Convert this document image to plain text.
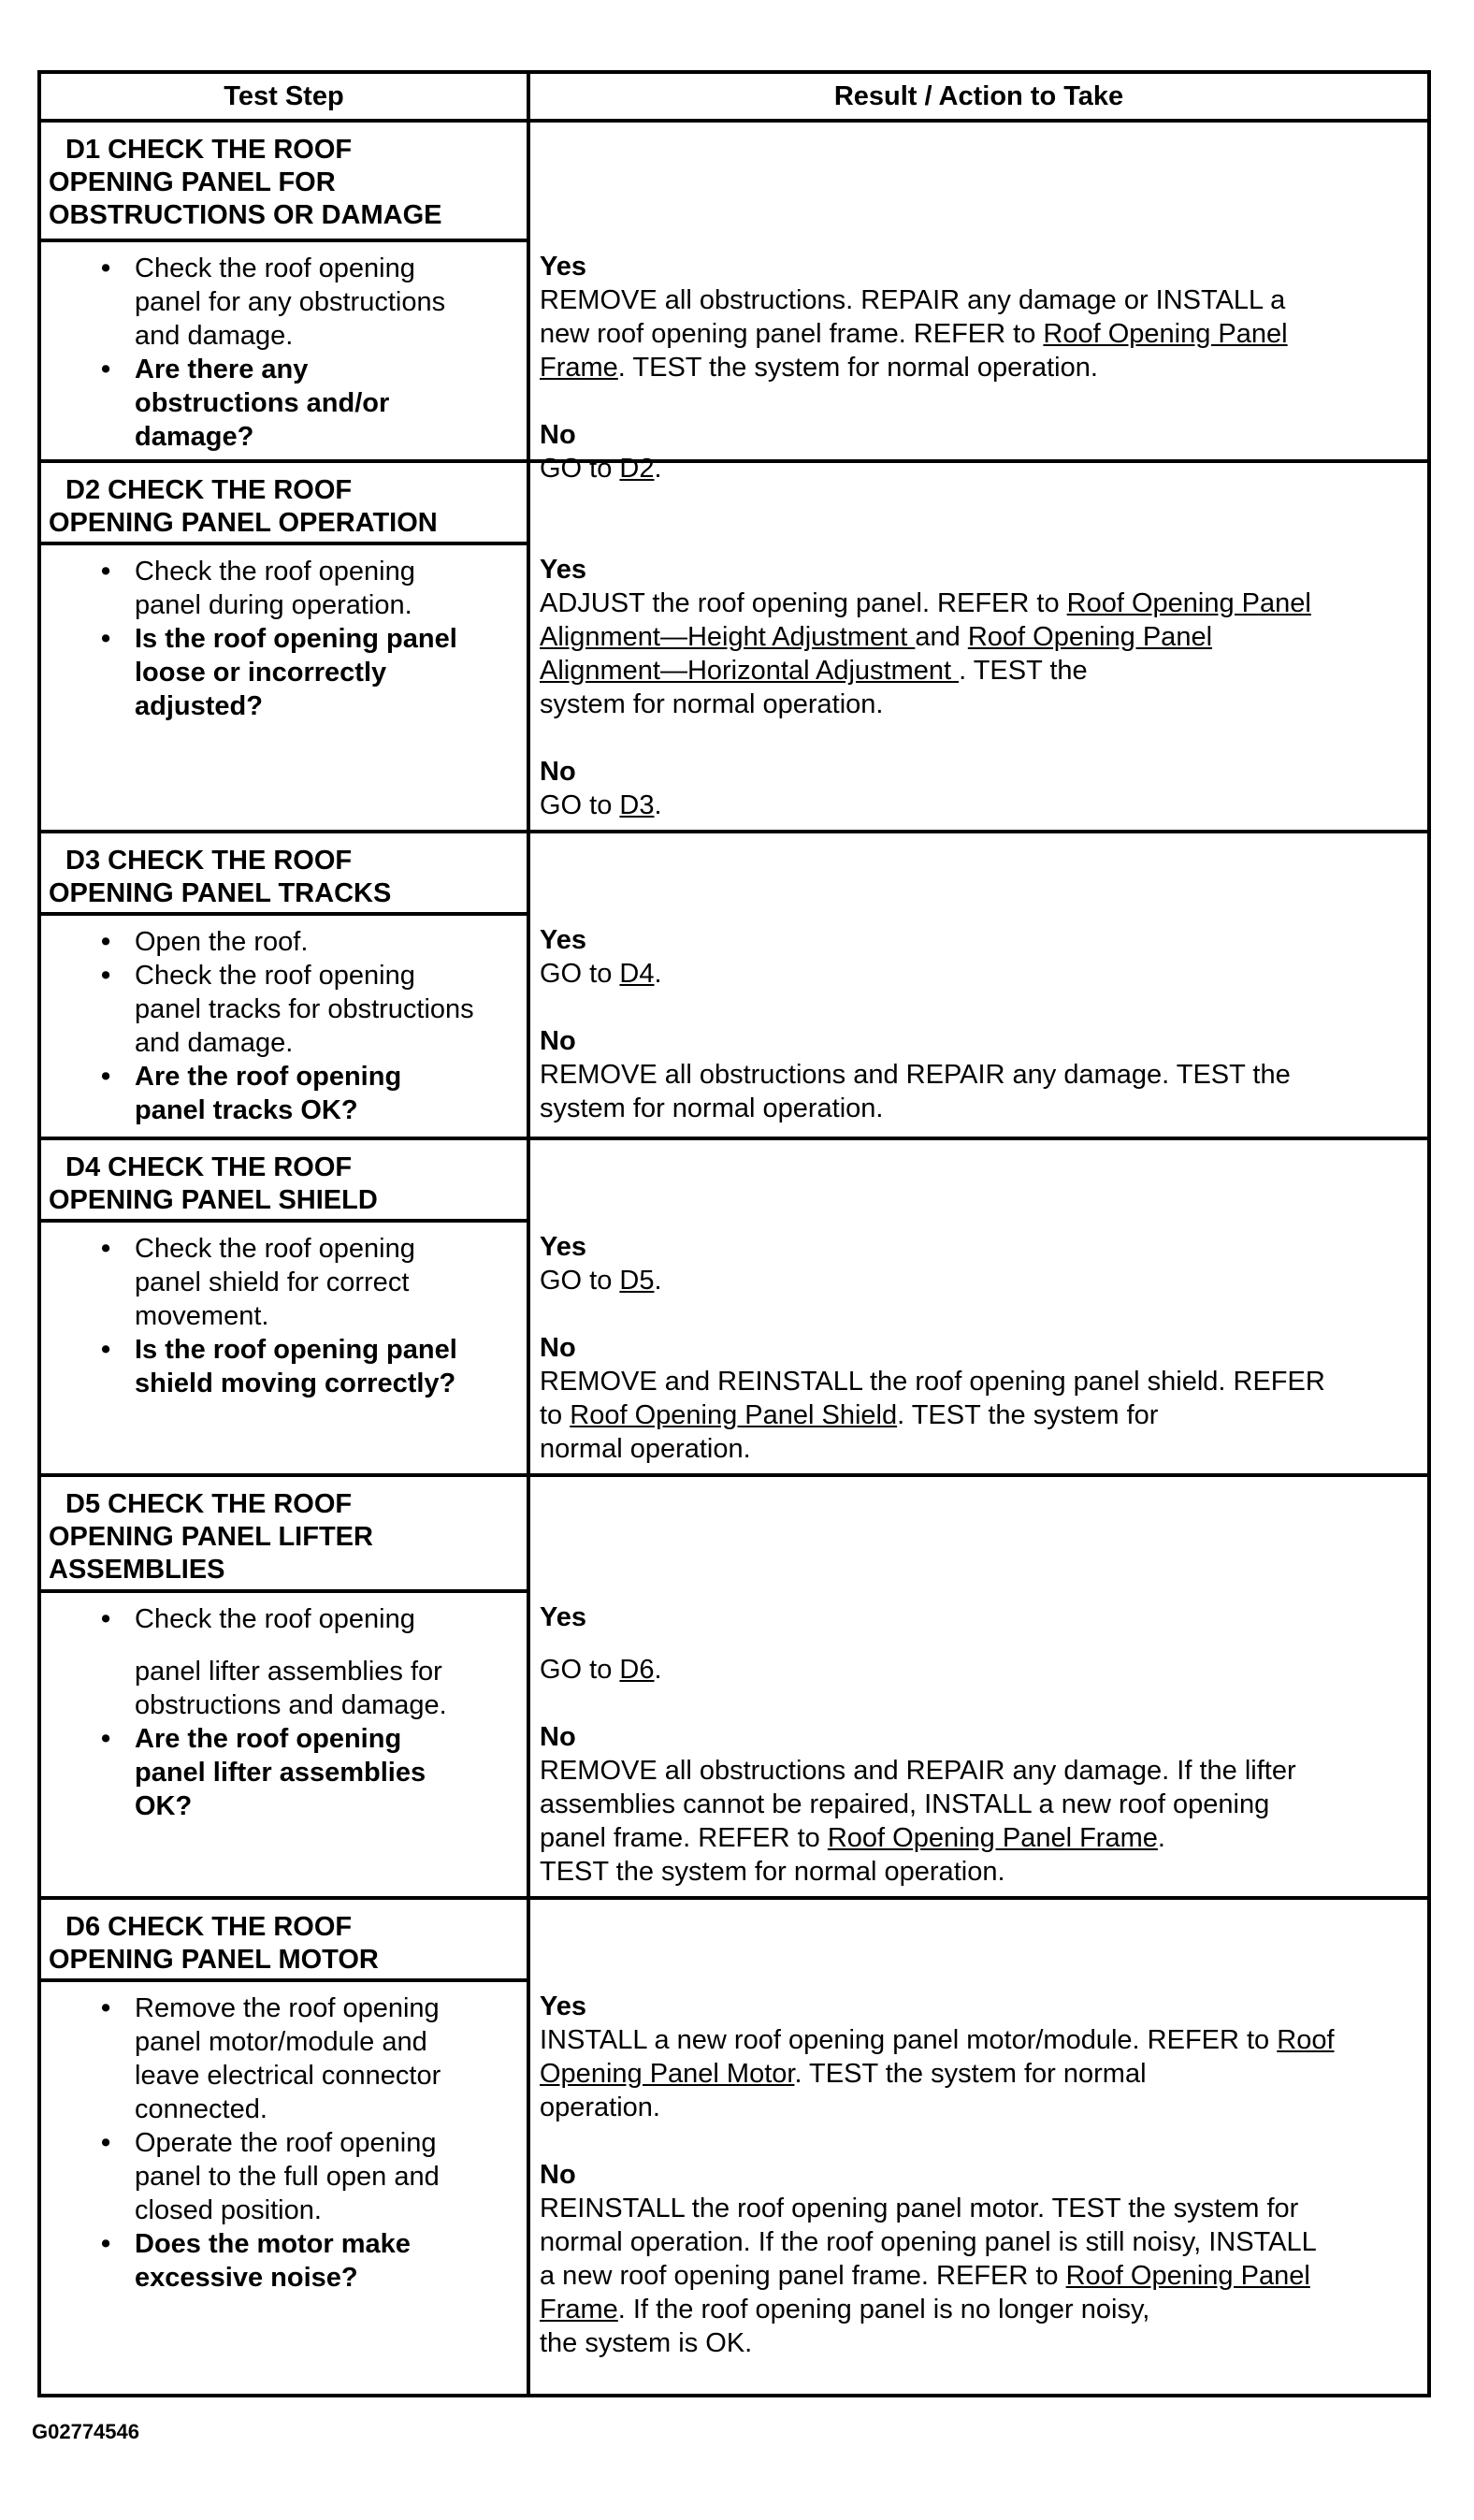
Test Step	Result / Action to Take
D1 CHECK THE ROOF
OPENING PANEL FOR
OBSTRUCTIONS OR DAMAGE
• Check the roof opening
panel for any obstructions
and damage.
• Are there any
obstructions and/or
damage?
Yes
REMOVE all obstructions. REPAIR any damage or INSTALL a
new roof opening panel frame. REFER to Roof Opening Panel
Frame. TEST the system for normal operation.
No
GO to D2.
D2 CHECK THE ROOF
OPENING PANEL OPERATION
• Check the roof opening
panel during operation.
• Is the roof opening panel
loose or incorrectly
adjusted?
Yes
ADJUST the roof opening panel. REFER to Roof Opening Panel
Alignment—Height Adjustment and Roof Opening Panel
Alignment—Horizontal Adjustment . TEST the
system for normal operation.
No
GO to D3.
D3 CHECK THE ROOF
OPENING PANEL TRACKS
• Open the roof.
• Check the roof opening
panel tracks for obstructions
and damage.
• Are the roof opening
panel tracks OK?
Yes
GO to D4.
No
REMOVE all obstructions and REPAIR any damage. TEST the
system for normal operation.
D4 CHECK THE ROOF
OPENING PANEL SHIELD
• Check the roof opening
panel shield for correct
movement.
• Is the roof opening panel
shield moving correctly?
Yes
GO to D5.
No
REMOVE and REINSTALL the roof opening panel shield. REFER
to Roof Opening Panel Shield. TEST the system for
normal operation.
D5 CHECK THE ROOF
OPENING PANEL LIFTER
ASSEMBLIES
• Check the roof opening
panel lifter assemblies for
obstructions and damage.
• Are the roof opening
panel lifter assemblies
OK?
Yes
GO to D6.
No
REMOVE all obstructions and REPAIR any damage. If the lifter
assemblies cannot be repaired, INSTALL a new roof opening
panel frame. REFER to Roof Opening Panel Frame.
TEST the system for normal operation.
D6 CHECK THE ROOF
OPENING PANEL MOTOR
• Remove the roof opening
panel motor/module and
leave electrical connector
connected.
• Operate the roof opening
panel to the full open and
closed position.
• Does the motor make
excessive noise?
Yes
INSTALL a new roof opening panel motor/module. REFER to Roof
Opening Panel Motor. TEST the system for normal
operation.
No
REINSTALL the roof opening panel motor. TEST the system for
normal operation. If the roof opening panel is still noisy, INSTALL
a new roof opening panel frame. REFER to Roof Opening Panel
Frame. If the roof opening panel is no longer noisy,
the system is OK.
G02774546
